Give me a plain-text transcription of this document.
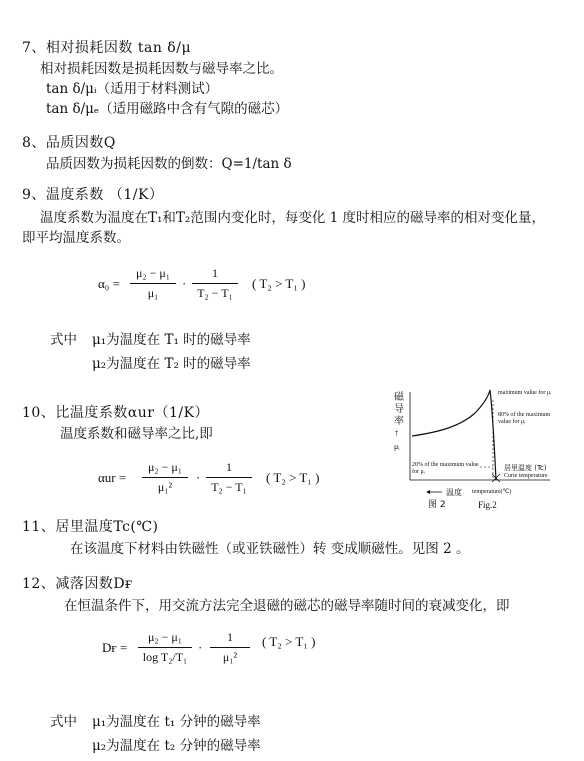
7、相对损耗因数 tan δ/μ
相对损耗因数是损耗因数与磁导率之比。
tan δ/μᵢ（适用于材料测试）
tan δ/μₑ（适用磁路中含有气隙的磁芯）
8、品质因数Q
品质因数为损耗因数的倒数：Q=1/tan δ
9、温度系数 （1/K）
温度系数为温度在T₁和T₂范围内变化时，每变化 1 度时相应的磁导率的相对变化量，
即平均温度系数。
α₀ =
μ₂ − μ₁
μ₁
·
1
T₂ − T₁
( T₂ > T₁ )
式中 μ₁为温度在 T₁ 时的磁导率
μ₂为温度在 T₂ 时的磁导率
10、比温度系数αur（1/K）
温度系数和磁导率之比,即
αur =
μ₂ − μ₁
μ₁²
·
1
T₂ − T₁
( T₂ > T₁ )
磁
导
率
↑
μᵢ
maximum value for μᵢ
80% of the maximum value for μᵢ
20% of the maximum value for μᵢ	居里温度 (Tc)
Curie temperature
温度 temperature(℃)
图 2	Fig.2
11、居里温度Tc(℃)
在该温度下材料由铁磁性（或亚铁磁性）转 变成顺磁性。见图 2 。
12、减落因数Dғ
在恒温条件下，用交流方法完全退磁的磁芯的磁导率随时间的衰减变化，即
Dғ =
μ₂ − μ₁
log T₂/T₁
·
1
μ₁²
( T₂ > T₁ )
式中 μ₁为温度在 t₁ 分钟的磁导率
μ₂为温度在 t₂ 分钟的磁导率
